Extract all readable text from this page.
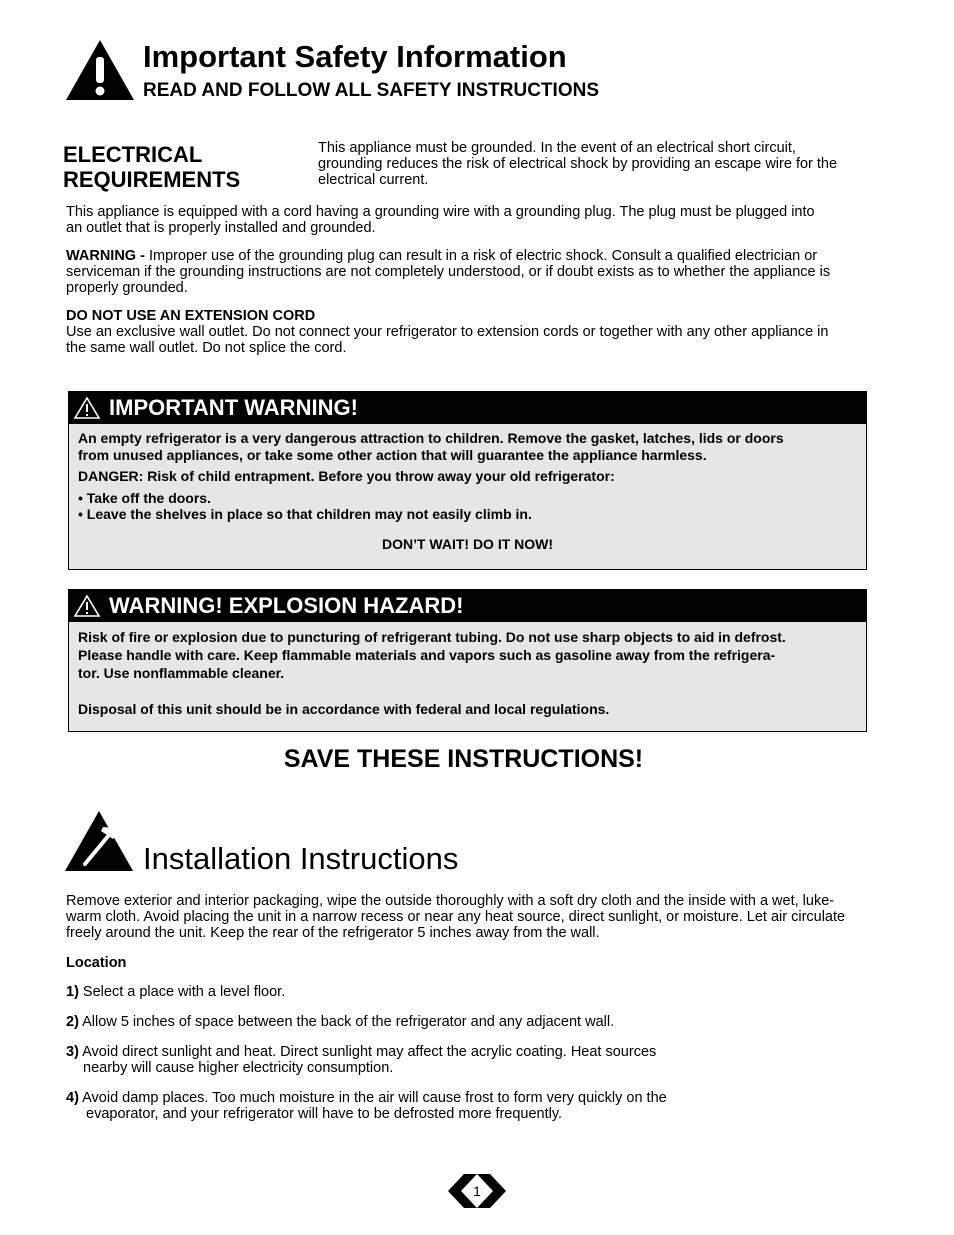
Important Safety Information
READ AND FOLLOW ALL SAFETY INSTRUCTIONS
ELECTRICAL
REQUIREMENTS
This appliance must be grounded. In the event of an electrical short circuit,
grounding reduces the risk of electrical shock by providing an escape wire for the
electrical current.
This appliance is equipped with a cord having a grounding wire with a grounding plug. The plug must be plugged into
an outlet that is properly installed and grounded.
WARNING - Improper use of the grounding plug can result in a risk of electric shock. Consult a qualified electrician or
serviceman if the grounding instructions are not completely understood, or if doubt exists as to whether the appliance is
properly grounded.
DO NOT USE AN EXTENSION CORD
Use an exclusive wall outlet. Do not connect your refrigerator to extension cords or together with any other appliance in
the same wall outlet. Do not splice the cord.
IMPORTANT WARNING!

An empty refrigerator is a very dangerous attraction to children. Remove the gasket, latches, lids or doors

from unused appliances, or take some other action that will guarantee the appliance harmless.

DANGER: Risk of child entrapment. Before you throw away your old refrigerator:

• Take off the doors.

• Leave the shelves in place so that children may not easily climb in.

DON’T WAIT! DO IT NOW!

WARNING! EXPLOSION HAZARD!

Risk of fire or explosion due to puncturing of refrigerant tubing. Do not use sharp objects to aid in defrost.

Please handle with care. Keep flammable materials and vapors such as gasoline away from the refrigera-

tor. Use nonflammable cleaner.

Disposal of this unit should be in accordance with federal and local regulations.

SAVE THESE INSTRUCTIONS!
Installation Instructions
Remove exterior and interior packaging, wipe the outside thoroughly with a soft dry cloth and the inside with a wet, luke-
warm cloth. Avoid placing the unit in a narrow recess or near any heat source, direct sunlight, or moisture. Let air circulate
freely around the unit. Keep the rear of the refrigerator 5 inches away from the wall.
Location
1) Select a place with a level floor.
2) Allow 5 inches of space between the back of the refrigerator and any adjacent wall.
3) Avoid direct sunlight and heat. Direct sunlight may affect the acrylic coating. Heat sources
nearby will cause higher electricity consumption.
4) Avoid damp places. Too much moisture in the air will cause frost to form very quickly on the
evaporator, and your refrigerator will have to be defrosted more frequently.
1
